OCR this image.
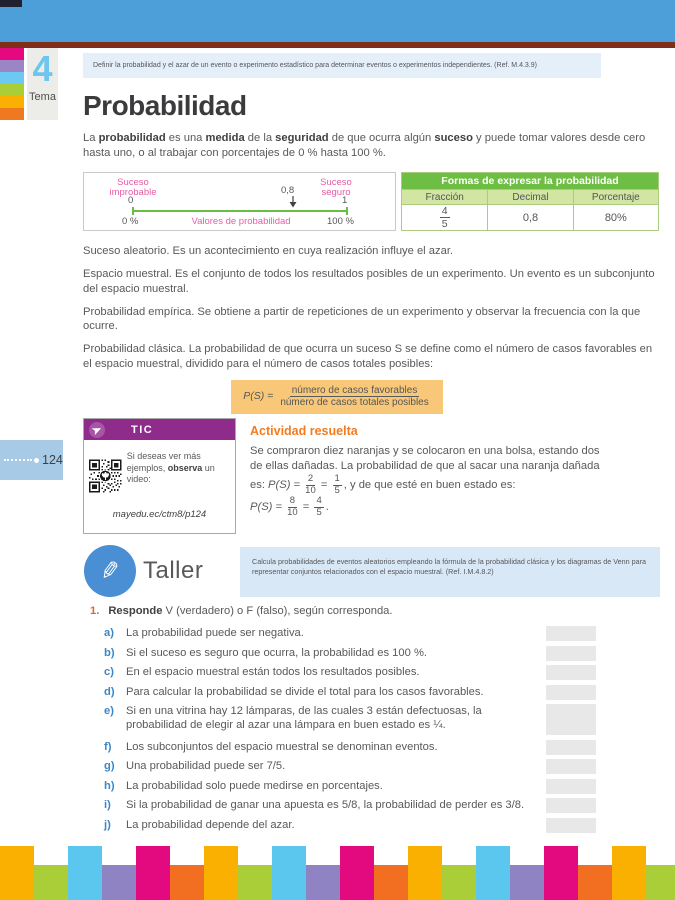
4
Tema
Definir la probabilidad y el azar de un evento o experimento estadístico para determinar eventos o experimentos independientes. (Ref. M.4.3.9)
Probabilidad

La probabilidad es una medida de la seguridad de que ocurra algún suceso y puede tomar valores desde cero hasta uno, o al trabajar con porcentajes de 0 % hasta 100 %.

Suceso improbable
Suceso seguro
0,8
0	1
0 %	100 %
Valores de probabilidad
Formas de expresar la probabilidad
Fracción	Decimal	Porcentaje
$\frac{4}{5}$	0,8	80%

Suceso aleatorio. Es un acontecimiento en cuya realización influye el azar.

Espacio muestral. Es el conjunto de todos los resultados posibles de un experimento. Un evento es un subconjunto del espacio muestral.

Probabilidad empírica. Se obtiene a partir de repeticiones de un experimento y observar la frecuencia con la que ocurre.

Probabilidad clásica. La probabilidad de que ocurra un suceso S se define como el número de casos favorables en el espacio muestral, dividido para el número de casos totales posibles:

P(S) =
número de casos favorables
número de casos totales posibles
124
TIC
Si deseas ver más ejemplos, observa un video:
mayedu.ec/ctm8/p124
Actividad resuelta
Se compraron diez naranjas y se colocaron en una bolsa, estando dos de ellas dañadas. La probabilidad de que al sacar una naranja dañada es: $P(S) = \frac{2}{10} = \frac{1}{5}$ , y de que esté en buen estado es:
$P(S) = \frac{8}{10} = \frac{4}{5}$ .
✎ Taller	Calcula probabilidades de eventos aleatorios empleando la fórmula de la probabilidad clásica y los diagramas de Venn para representar conjuntos relacionados con el espacio muestral. (Ref. I.M.4.8.2)
1. Responde V (verdadero) o F (falso), según corresponda.
a)	La probabilidad puede ser negativa.
b)	Si el suceso es seguro que ocurra, la probabilidad es 100 %.
c)	En el espacio muestral están todos los resultados posibles.
d)	Para calcular la probabilidad se divide el total para los casos favorables.
e)	Si en una vitrina hay 12 lámparas, de las cuales 3 están defectuosas, la probabilidad de elegir al azar una lámpara en buen estado es ¼.
f)	Los subconjuntos del espacio muestral se denominan eventos.
g)	Una probabilidad puede ser 7/5.
h)	La probabilidad solo puede medirse en porcentajes.
i)	Si la probabilidad de ganar una apuesta es 5/8, la probabilidad de perder es 3/8.
j)	La probabilidad depende del azar.
